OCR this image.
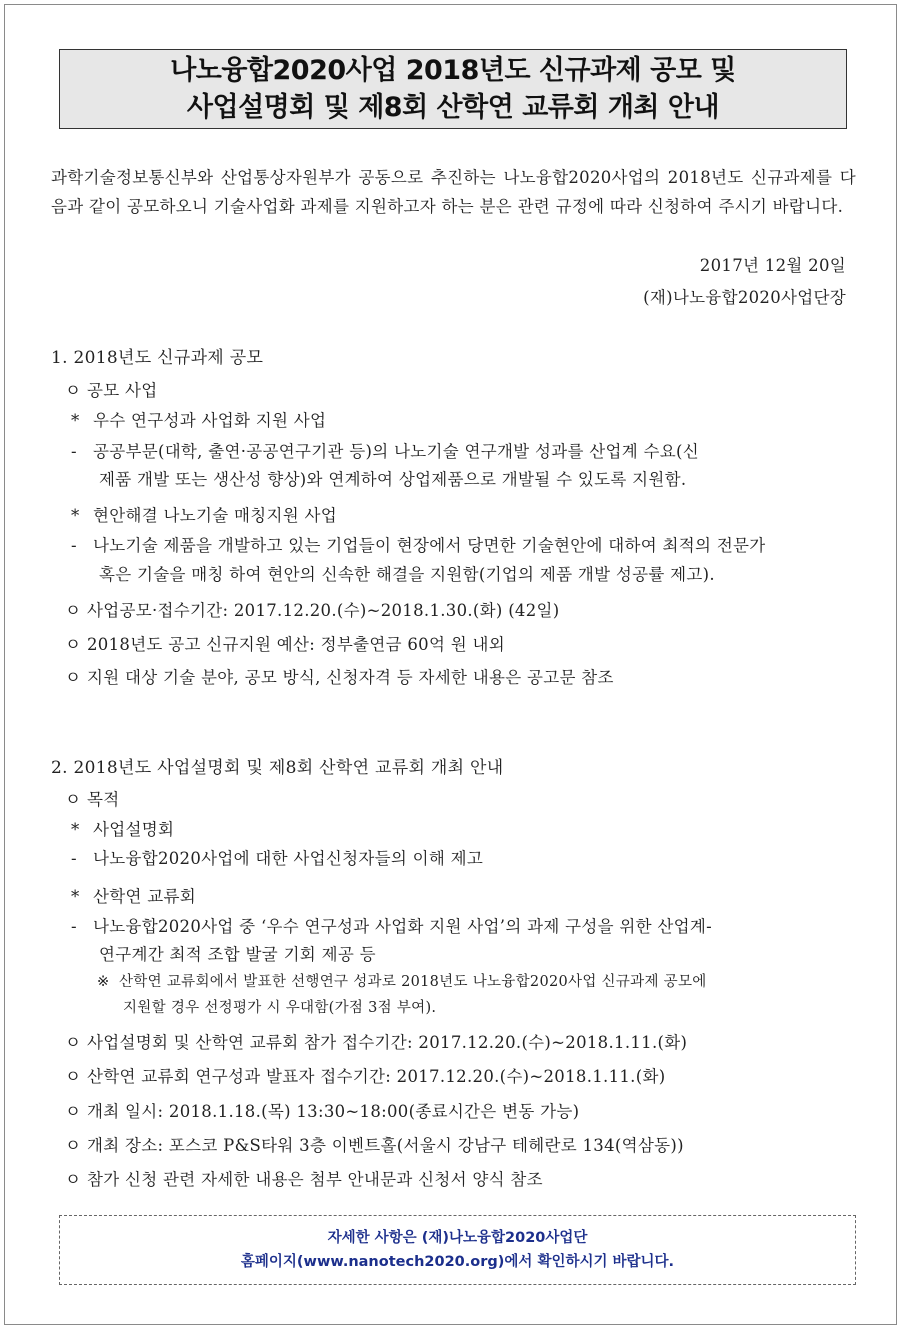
나노융합2020사업 2018년도 신규과제 공모 및
사업설명회 및 제8회 산학연 교류회 개최 안내
과학기술정보통신부와 산업통상자원부가 공동으로 추진하는 나노융합2020사업의 2018년도 신규과제를 다음과 같이 공모하오니 기술사업화 과제를 지원하고자 하는 분은 관련 규정에 따라 신청하여 주시기 바랍니다.
2017년 12월 20일
(재)나노융합2020사업단장
1. 2018년도 신규과제 공모
ㅇ 공모 사업
* 우수 연구성과 사업화 지원 사업
- 공공부문(대학, 출연·공공연구기관 등)의 나노기술 연구개발 성과를 산업계 수요(신
제품 개발 또는 생산성 향상)와 연계하여 상업제품으로 개발될 수 있도록 지원함.
* 현안해결 나노기술 매칭지원 사업
- 나노기술 제품을 개발하고 있는 기업들이 현장에서 당면한 기술현안에 대하여 최적의 전문가
혹은 기술을 매칭 하여 현안의 신속한 해결을 지원함(기업의 제품 개발 성공률 제고).
ㅇ 사업공모·접수기간: 2017.12.20.(수)~2018.1.30.(화) (42일)
ㅇ 2018년도 공고 신규지원 예산: 정부출연금 60억 원 내외
ㅇ 지원 대상 기술 분야, 공모 방식, 신청자격 등 자세한 내용은 공고문 참조
2. 2018년도 사업설명회 및 제8회 산학연 교류회 개최 안내
ㅇ 목적
* 사업설명회
- 나노융합2020사업에 대한 사업신청자들의 이해 제고
* 산학연 교류회
- 나노융합2020사업 중 ‘우수 연구성과 사업화 지원 사업’의 과제 구성을 위한 산업계-
연구계간 최적 조합 발굴 기회 제공 등
※ 산학연 교류회에서 발표한 선행연구 성과로 2018년도 나노융합2020사업 신규과제 공모에
지원할 경우 선정평가 시 우대함(가점 3점 부여).
ㅇ 사업설명회 및 산학연 교류회 참가 접수기간: 2017.12.20.(수)~2018.1.11.(화)
ㅇ 산학연 교류회 연구성과 발표자 접수기간: 2017.12.20.(수)~2018.1.11.(화)
ㅇ 개최 일시: 2018.1.18.(목) 13:30~18:00(종료시간은 변동 가능)
ㅇ 개최 장소: 포스코 P&S타워 3층 이벤트홀(서울시 강남구 테헤란로 134(역삼동))
ㅇ 참가 신청 관련 자세한 내용은 첨부 안내문과 신청서 양식 참조
자세한 사항은 (재)나노융합2020사업단
홈페이지(www.nanotech2020.org)에서 확인하시기 바랍니다.
